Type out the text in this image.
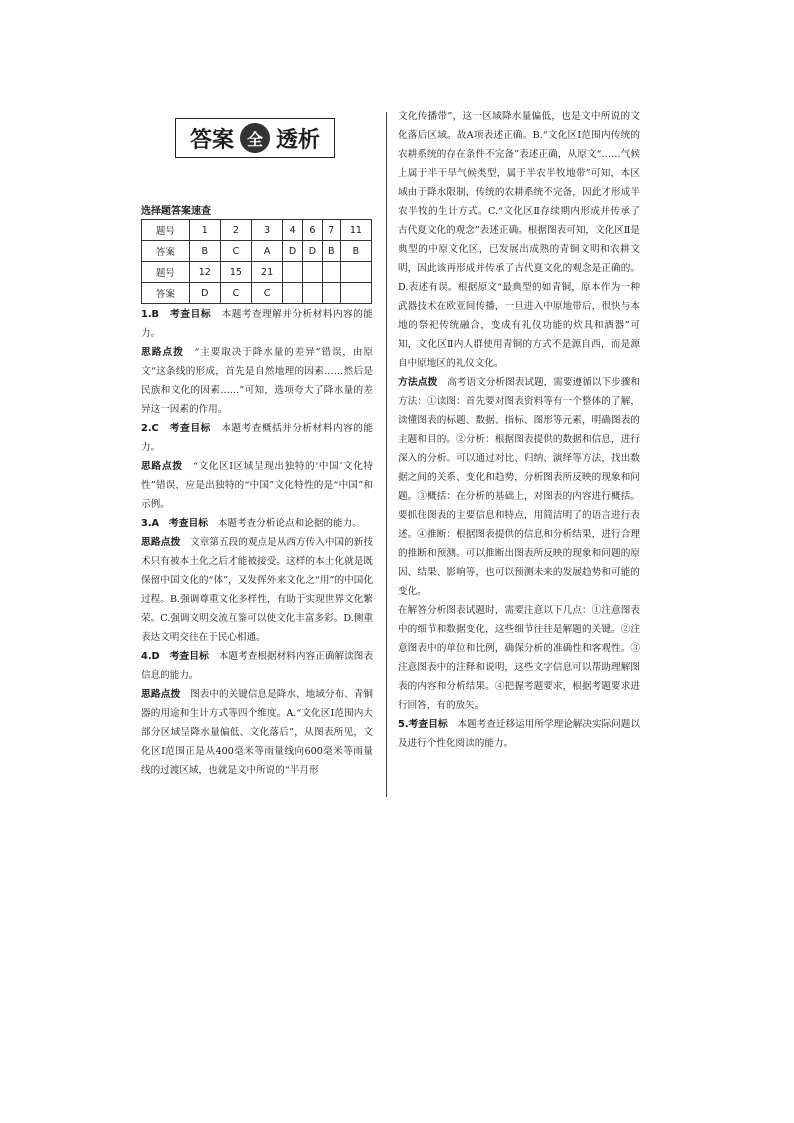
答案 全 透析
选择题答案速查
题号	1	2	3	4	6	7	11
答案	B	C	A	D	D	B	B
题号	12	15	21				
答案	D	C	C				

1.B　考查目标　本题考查理解并分析材料内容的能力。

思路点拨　“主要取决于降水量的差异”错误，由原文“这条线的形成，首先是自然地理的因素……然后是民族和文化的因素……”可知，选项夸大了降水量的差异这一因素的作用。

2.C　考查目标　本题考查概括并分析材料内容的能力。

思路点拨　“文化区Ⅰ区域呈现出独特的‘中国’文化特性”错误，应是出独特的“中国”文化特性的是“中国”和示例。

3.A　考查目标　本题考查分析论点和论据的能力。

思路点拨　文章第五段的观点是从西方传入中国的新技术只有被本土化之后才能被接受。这样的本土化就是既保留中国文化的“体”，又发挥外来文化之“用”的中国化过程。B.强调尊重文化多样性，有助于实现世界文化繁荣。C.强调文明交流互鉴可以使文化丰富多彩。D.侧重表达文明交往在于民心相通。

4.D　考查目标　本题考查根据材料内容正确解读图表信息的能力。

思路点拨　图表中的关键信息是降水、地域分布、青铜器的用途和生计方式等四个维度。A.“文化区Ⅰ范围内大部分区域呈降水量偏低、文化落后”，从图表所见，文化区Ⅰ范围正是从400毫米等雨量线向600毫米等雨量线的过渡区域，也就是文中所说的“半月形

文化传播带”，这一区域降水量偏低，也是文中所说的文化落后区域。故A项表述正确。B.“文化区Ⅰ范围内传统的农耕系统的存在条件不完备”表述正确，从原文“……气候上属于半干旱气候类型，属于半农半牧地带”可知，本区域由于降水限制，传统的农耕系统不完备，因此才形成半农半牧的生计方式。C.“文化区Ⅱ存续期内形成并传承了古代夏文化的观念”表述正确。根据图表可知，文化区Ⅱ是典型的中原文化区，已发展出成熟的青铜文明和农耕文明，因此该再形成并传承了古代夏文化的观念是正确的。D.表述有误。根据原文“最典型的如青铜，原本作为一种武器技术在欧亚间传播，一旦进入中原地带后，很快与本地的祭祀传统融合，变成有礼仪功能的炊具和酒器”可知，文化区Ⅱ内人群使用青铜的方式不是源自西，而是源自中原地区的礼仪文化。

方法点拨　高考语文分析图表试题，需要遵循以下步骤和方法：①读图：首先要对图表资料等有一个整体的了解，读懂图表的标题、数据、指标、图形等元素，明确图表的主题和目的。②分析：根据图表提供的数据和信息，进行深入的分析。可以通过对比、归纳、演绎等方法，找出数据之间的关系、变化和趋势，分析图表所反映的现象和问题。③概括：在分析的基础上，对图表的内容进行概括。要抓住图表的主要信息和特点，用简洁明了的语言进行表述。④推断：根据图表提供的信息和分析结果，进行合理的推断和预测。可以推断出图表所反映的现象和问题的原因、结果、影响等，也可以预测未来的发展趋势和可能的变化。

在解答分析图表试题时，需要注意以下几点：①注意图表中的细节和数据变化，这些细节往往是解题的关键。②注意图表中的单位和比例，确保分析的准确性和客观性。③注意图表中的注释和说明，这些文字信息可以帮助理解图表的内容和分析结果。④把握考题要求，根据考题要求进行回答，有的放矢。

5.考查目标　本题考查迁移运用所学理论解决实际问题以及进行个性化阅读的能力。
